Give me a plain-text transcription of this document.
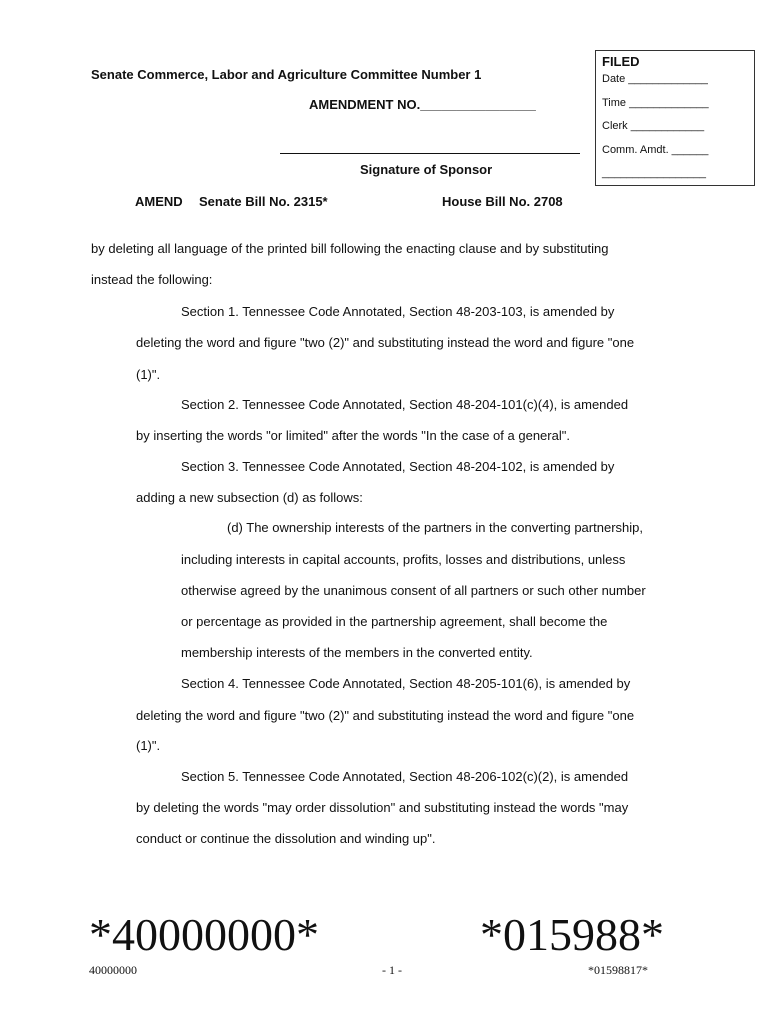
FILED
Date _____________
Time _____________
Clerk ____________
Comm. Amdt. ______
_________________
Senate Commerce, Labor and Agriculture Committee Number 1
AMENDMENT NO.________________
Signature of Sponsor
AMEND Senate Bill No. 2315*	House Bill No. 2708
by deleting all language of the printed bill following the enacting clause and by substituting
instead the following:
Section 1. Tennessee Code Annotated, Section 48-203-103, is amended by
deleting the word and figure "two (2)" and substituting instead the word and figure "one
(1)".
Section 2. Tennessee Code Annotated, Section 48-204-101(c)(4), is amended
by inserting the words "or limited" after the words "In the case of a general".
Section 3. Tennessee Code Annotated, Section 48-204-102, is amended by
adding a new subsection (d) as follows:
(d) The ownership interests of the partners in the converting partnership,
including interests in capital accounts, profits, losses and distributions, unless
otherwise agreed by the unanimous consent of all partners or such other number
or percentage as provided in the partnership agreement, shall become the
membership interests of the members in the converted entity.
Section 4. Tennessee Code Annotated, Section 48-205-101(6), is amended by
deleting the word and figure "two (2)" and substituting instead the word and figure "one
(1)".
Section 5. Tennessee Code Annotated, Section 48-206-102(c)(2), is amended
by deleting the words "may order dissolution" and substituting instead the words "may
conduct or continue the dissolution and winding up".
*40000000*	*015988*
40000000	- 1 -	*01598817*
